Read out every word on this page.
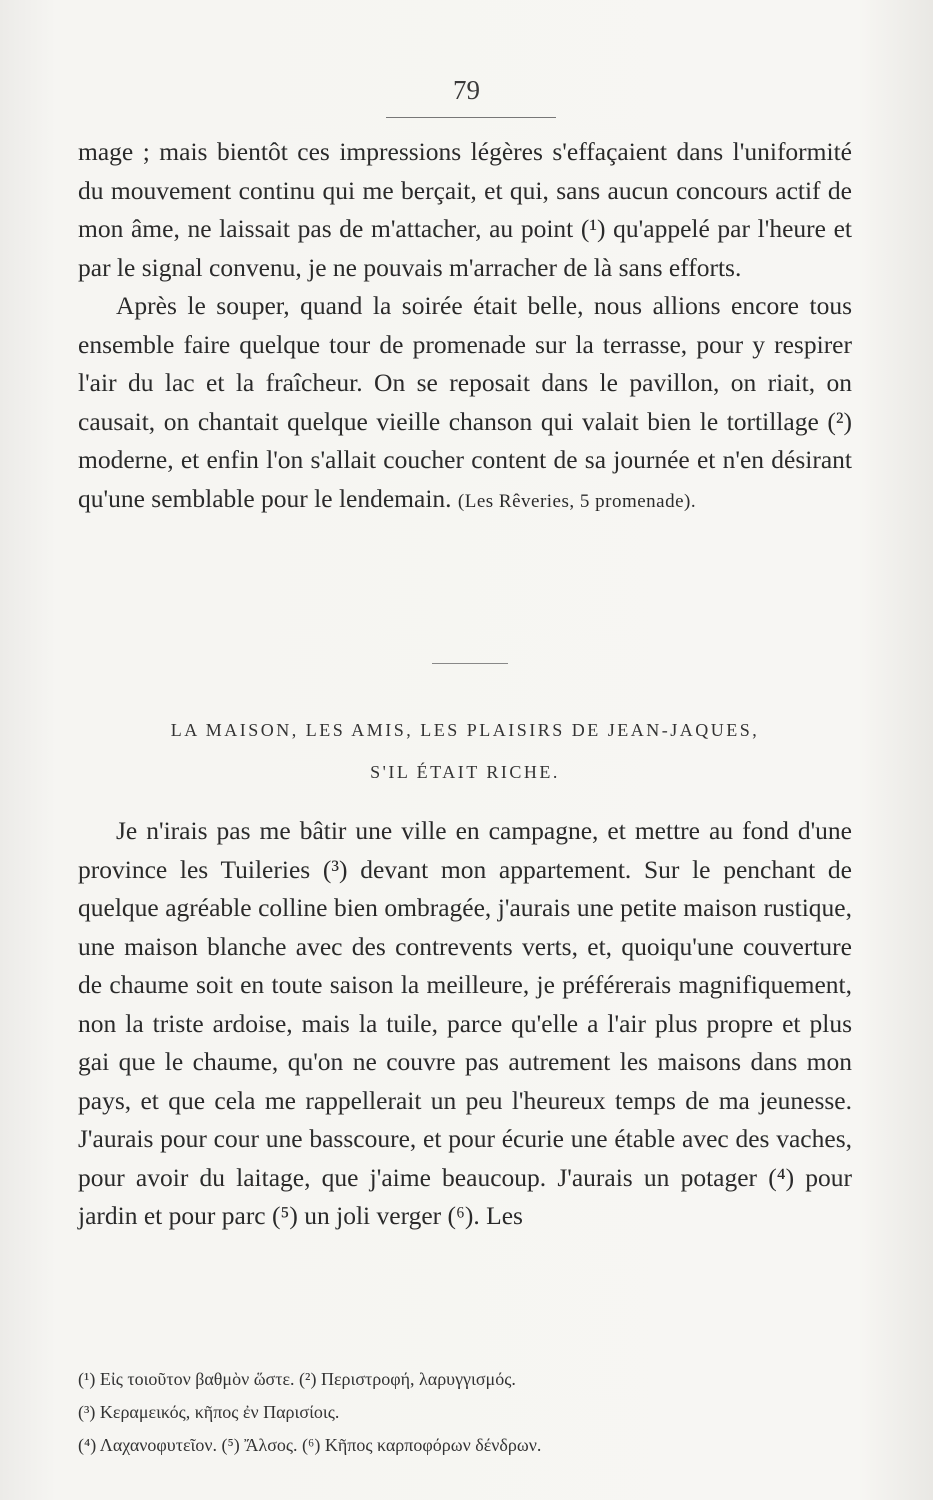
79

mage ; mais bientôt ces impressions légères s'effaçaient dans l'uniformité du mouvement continu qui me berçait, et qui, sans aucun concours actif de mon âme, ne laissait pas de m'attacher, au point (¹) qu'appelé par l'heure et par le signal convenu, je ne pouvais m'arracher de là sans efforts.

Après le souper, quand la soirée était belle, nous allions encore tous ensemble faire quelque tour de promenade sur la terrasse, pour y respirer l'air du lac et la fraîcheur. On se reposait dans le pavillon, on riait, on causait, on chantait quelque vieille chanson qui valait bien le tortillage (²) moderne, et enfin l'on s'allait coucher content de sa journée et n'en désirant qu'une semblable pour le lendemain. (Les Rêveries, 5 promenade).

LA MAISON, LES AMIS, LES PLAISIRS DE JEAN-JAQUES,
S'IL ÉTAIT RICHE.

Je n'irais pas me bâtir une ville en campagne, et mettre au fond d'une province les Tuileries (³) devant mon appartement. Sur le penchant de quelque agréable colline bien ombragée, j'aurais une petite maison rustique, une maison blanche avec des contrevents verts, et, quoiqu'une couverture de chaume soit en toute saison la meilleure, je préférerais magnifiquement, non la triste ardoise, mais la tuile, parce qu'elle a l'air plus propre et plus gai que le chaume, qu'on ne couvre pas autrement les maisons dans mon pays, et que cela me rappellerait un peu l'heureux temps de ma jeunesse. J'aurais pour cour une basscoure, et pour écurie une étable avec des vaches, pour avoir du laitage, que j'aime beaucoup. J'aurais un potager (⁴) pour jardin et pour parc (⁵) un joli verger (⁶). Les

(¹) Εἰς τοιοῦτον βαθμὸν ὥστε. (²) Περιστροφή, λαρυγγισμός.
(³) Κεραμεικός, κῆπος ἐν Παρισίοις.
(⁴) Λαχανοφυτεῖον. (⁵) Ἄλσος. (⁶) Κῆπος καρποφόρων δένδρων.
